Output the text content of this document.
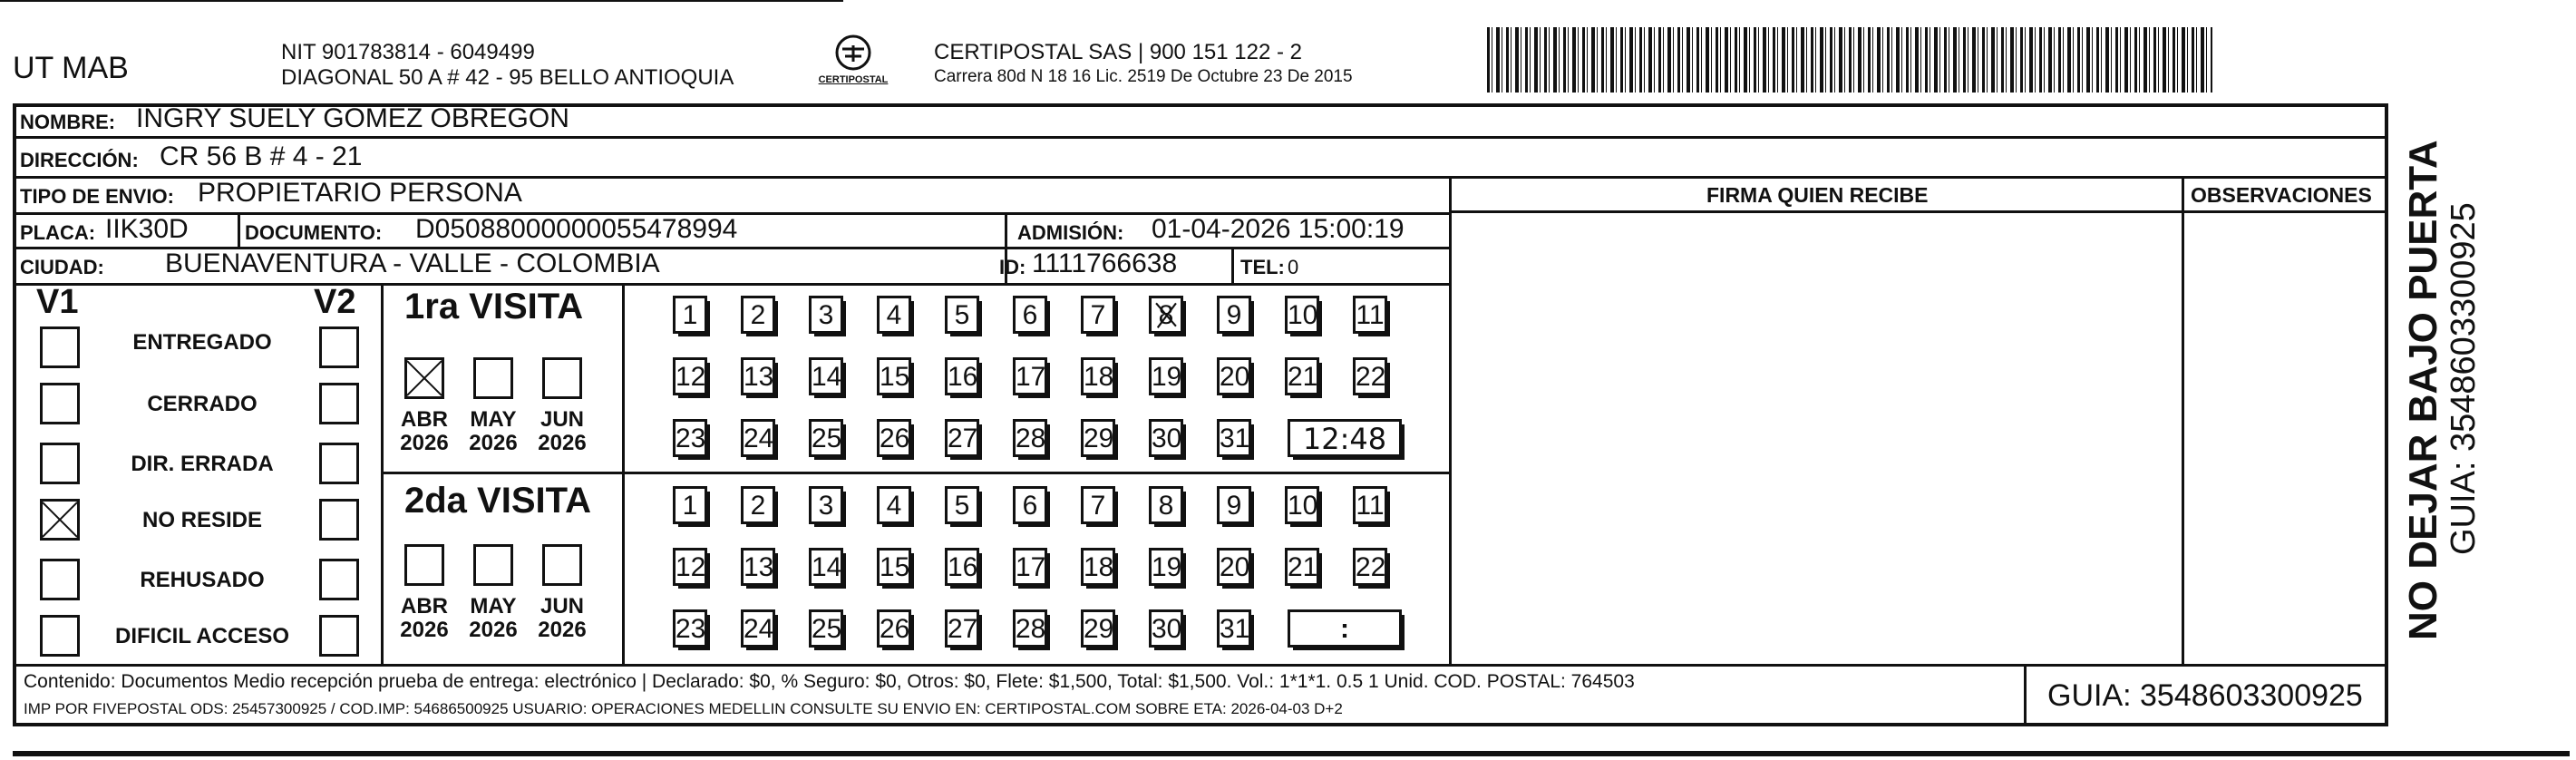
UT MAB	NIT 901783814 - 6049499
DIAGONAL 50 A # 42 - 95 BELLO ANTIOQUIA	CERTIPOSTAL
CERTIPOSTAL SAS | 900 151 122 - 2
Carrera 80d N 18 16 Lic. 2519 De Octubre 23 De 2015
NOMBRE: INGRY SUELY GOMEZ OBREGON
DIRECCIÓN: CR 56 B # 4 - 21
TIPO DE ENVIO: PROPIETARIO PERSONA	FIRMA QUIEN RECIBE	OBSERVACIONES
PLACA: IIK30D	DOCUMENTO: D05088000000055478994	ADMISIÓN: 01-04-2026 15:00:19
CIUDAD: BUENAVENTURA - VALLE - COLOMBIA	ID: 1111766638	TEL: 0
V1	V2
ENTREGADO
CERRADO
DIR. ERRADA
NO RESIDE
REHUSADO
DIFICIL ACCESO
1ra VISITA
ABR
2026
MAY
2026
JUN
2026
1	2	3	4	5	6	7	8	9	10 11
12 13 14 15 16 17 18 19 20 21 22
23 24 25 26 27 28 29 30 31	12:48
2da VISITA
ABR
2026
MAY
2026
JUN
2026
1	2	3	4	5	6	7	8	9	10 11
12 13 14 15 16 17 18 19 20 21 22
23 24 25 26 27 28 29 30 31	:
Contenido: Documentos Medio recepción prueba de entrega: electrónico | Declarado: $0, % Seguro: $0, Otros: $0, Flete: $1,500, Total: $1,500. Vol.: 1*1*1. 0.5 1 Unid. COD. POSTAL: 764503
IMP POR FIVEPOSTAL ODS: 25457300925 / COD.IMP: 54686500925 USUARIO: OPERACIONES MEDELLIN CONSULTE SU ENVIO EN: CERTIPOSTAL.COM SOBRE ETA: 2026-04-03 D+2	GUIA: 3548603300925
NO DEJAR BAJO PUERTA GUIA: 3548603300925
